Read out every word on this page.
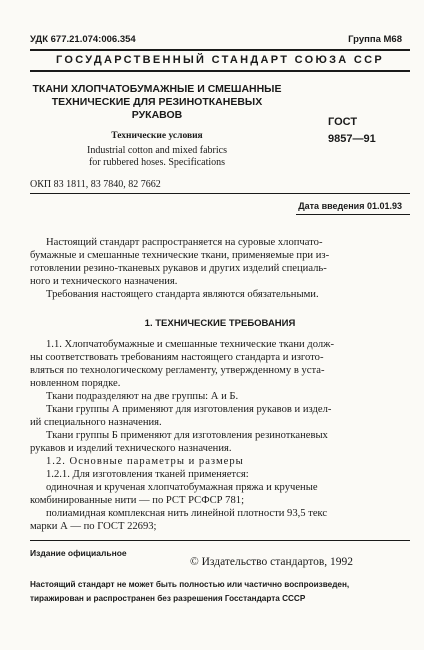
УДК 677.21.074:006.354	Группа М68
ГОСУДАРСТВЕННЫЙ СТАНДАРТ СОЮЗА ССР
ТКАНИ ХЛОПЧАТОБУМАЖНЫЕ И СМЕШАННЫЕ
ТЕХНИЧЕСКИЕ ДЛЯ РЕЗИНОТКАНЕВЫХ
РУКАВОВ
Технические условия
Industrial cotton and mixed fabrics
for rubbered hoses. Specifications
ГОСТ
9857—91
ОКП 83 1811, 83 7840, 82 7662
Дата введения 01.01.93

Настоящий стандарт распространяется на суровые хлопчато-

бумажные и смешанные технические ткани, применяемые при из-

готовлении резино-тканевых рукавов и других изделий специаль-

ного и технического назначения.

Требования настоящего стандарта являются обязательными.

1. ТЕХНИЧЕСКИЕ ТРЕБОВАНИЯ

1.1. Хлопчатобумажные и смешанные технические ткани долж-

ны соответствовать требованиям настоящего стандарта и изгото-

вляться по технологическому регламенту, утвержденному в уста-

новленном порядке.

Ткани подразделяют на две группы: А и Б.

Ткани группы А применяют для изготовления рукавов и издел-

ий специального назначения.

Ткани группы Б применяют для изготовления резинотканевых

рукавов и изделий технического назначения.

1.2. Основные параметры и размеры

1.2.1. Для изготовления тканей применяется:

одиночная и крученая хлопчатобумажная пряжа и крученые

комбинированные нити — по РСТ РСФСР 781;

полиамидная комплексная нить линейной плотности 93,5 текс

марки А — по ГОСТ 22693;

Издание официальное
© Издательство стандартов, 1992
Настоящий стандарт не может быть полностью или частично воспроизведен,
тиражирован и распространен без разрешения Госстандарта СССР
